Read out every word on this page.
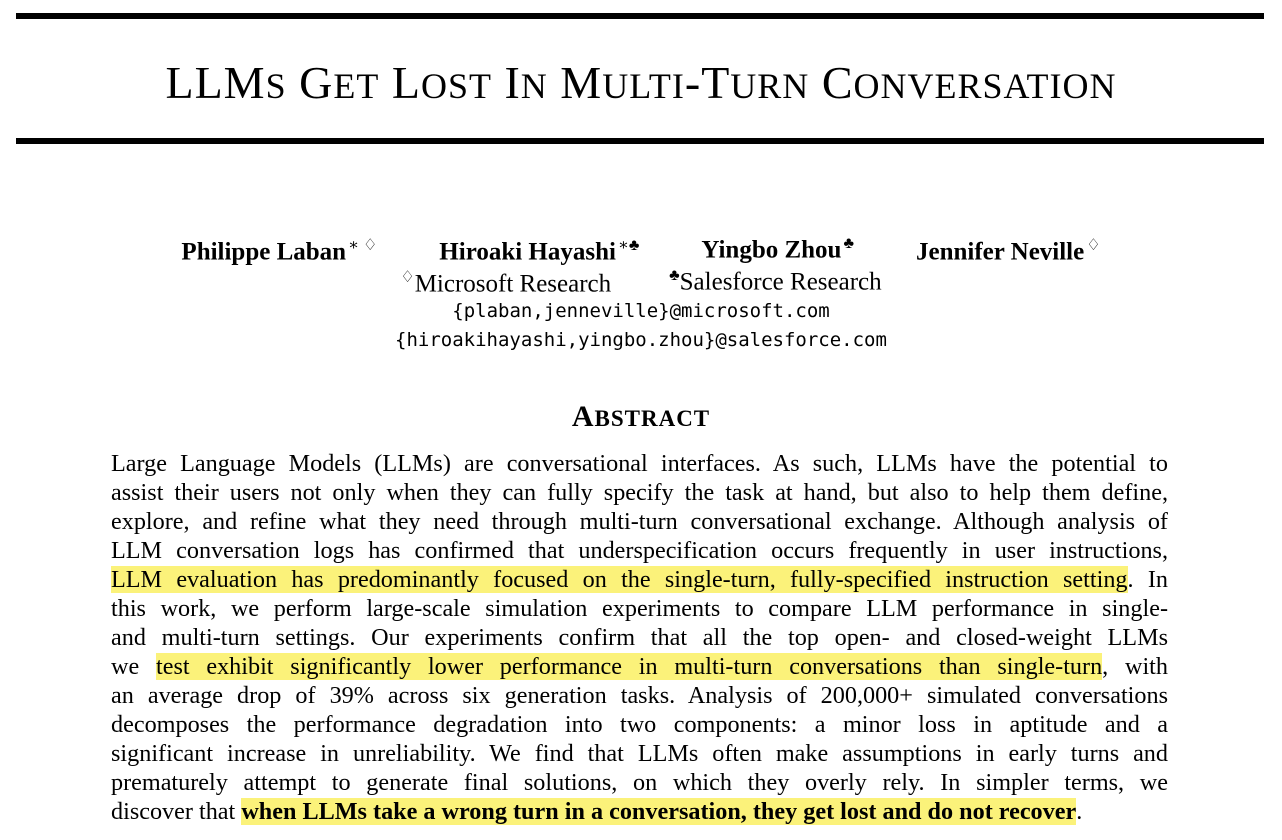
LLMS GET LOST IN MULTI-TURN CONVERSATION
Philippe Laban ∗ ♢ Hiroaki Hayashi ∗♣ Yingbo Zhou ♣ Jennifer Neville ♢
♢Microsoft Research	♣Salesforce Research
{plaban,jenneville}@microsoft.com
{hiroakihayashi,yingbo.zhou}@salesforce.com
ABSTRACT
Large Language Models (LLMs) are conversational interfaces. As such, LLMs have the potential to
assist their users not only when they can fully specify the task at hand, but also to help them define,
explore, and refine what they need through multi-turn conversational exchange. Although analysis of
LLM conversation logs has confirmed that underspecification occurs frequently in user instructions,
LLM evaluation has predominantly focused on the single-turn, fully-specified instruction setting. In
this work, we perform large-scale simulation experiments to compare LLM performance in single-
and multi-turn settings. Our experiments confirm that all the top open- and closed-weight LLMs
we test exhibit significantly lower performance in multi-turn conversations than single-turn, with
an average drop of 39% across six generation tasks. Analysis of 200,000+ simulated conversations
decomposes the performance degradation into two components: a minor loss in aptitude and a
significant increase in unreliability. We find that LLMs often make assumptions in early turns and
prematurely attempt to generate final solutions, on which they overly rely. In simpler terms, we
discover that when LLMs take a wrong turn in a conversation, they get lost and do not recover.
